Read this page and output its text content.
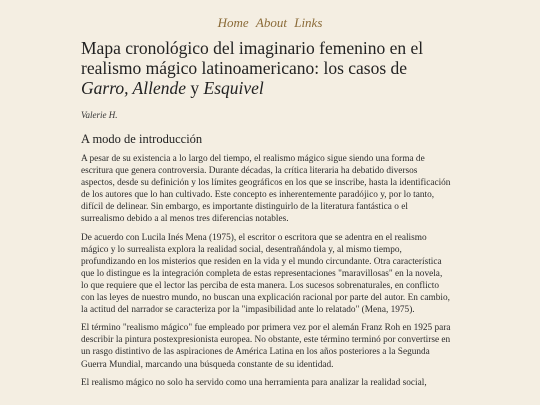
Home About Links
Mapa cronológico del imaginario femenino en el
realismo mágico latinoamericano: los casos de
Garro, Allende y Esquivel
Valerie H.
A modo de introducción

A pesar de su existencia a lo largo del tiempo, el realismo mágico sigue siendo una forma de escritura que genera controversia. Durante décadas, la crítica literaria ha debatido diversos aspectos, desde su definición y los límites geográficos en los que se inscribe, hasta la identificación de los autores que lo han cultivado. Este concepto es inherentemente paradójico y, por lo tanto, difícil de delinear. Sin embargo, es importante distinguirlo de la literatura fantástica o el surrealismo debido a al menos tres diferencias notables.

De acuerdo con Lucila Inés Mena (1975), el escritor o escritora que se adentra en el realismo mágico y lo surrealista explora la realidad social, desentrañándola y, al mismo tiempo, profundizando en los misterios que residen en la vida y el mundo circundante. Otra característica que lo distingue es la integración completa de estas representaciones "maravillosas" en la novela, lo que requiere que el lector las perciba de esta manera. Los sucesos sobrenaturales, en conflicto con las leyes de nuestro mundo, no buscan una explicación racional por parte del autor. En cambio, la actitud del narrador se caracteriza por la "impasibilidad ante lo relatado" (Mena, 1975).

El término "realismo mágico" fue empleado por primera vez por el alemán Franz Roh en 1925 para describir la pintura postexpresionista europea. No obstante, este término terminó por convertirse en un rasgo distintivo de las aspiraciones de América Latina en los años posteriores a la Segunda Guerra Mundial, marcando una búsqueda constante de su identidad.

El realismo mágico no solo ha servido como una herramienta para analizar la realidad social,
